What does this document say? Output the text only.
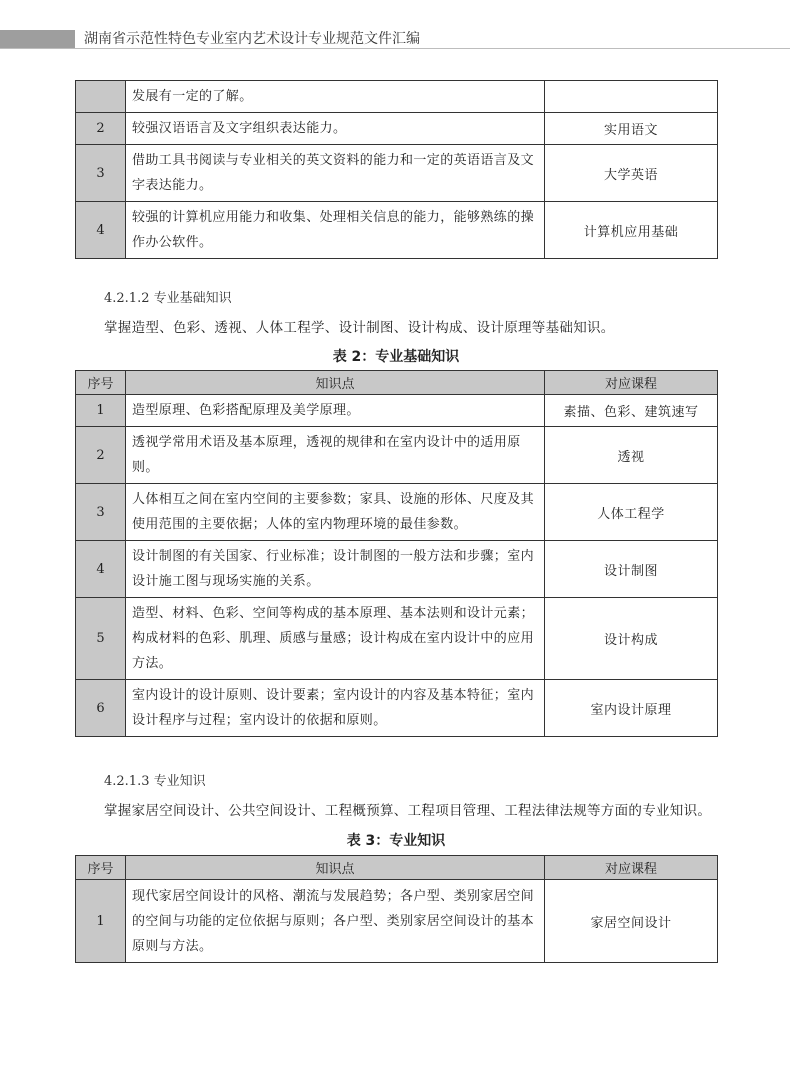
湖南省示范性特色专业室内艺术设计专业规范文件汇编
	发展有一定的了解。	
2	较强汉语语言及文字组织表达能力。	实用语文
3	借助工具书阅读与专业相关的英文资料的能力和一定的英语语言及文字表达能力。	大学英语
4	较强的计算机应用能力和收集、处理相关信息的能力，能够熟练的操作办公软件。	计算机应用基础
4.2.1.2 专业基础知识
掌握造型、色彩、透视、人体工程学、设计制图、设计构成、设计原理等基础知识。
表 2：专业基础知识
序号	知识点	对应课程
1	造型原理、色彩搭配原理及美学原理。	素描、色彩、建筑速写
2	透视学常用术语及基本原理，透视的规律和在室内设计中的适用原则。	透视
3	人体相互之间在室内空间的主要参数；家具、设施的形体、尺度及其使用范围的主要依据；人体的室内物理环境的最佳参数。	人体工程学
4	设计制图的有关国家、行业标准；设计制图的一般方法和步骤；室内设计施工图与现场实施的关系。	设计制图
5	造型、材料、色彩、空间等构成的基本原理、基本法则和设计元素；构成材料的色彩、肌理、质感与量感；设计构成在室内设计中的应用方法。	设计构成
6	室内设计的设计原则、设计要素；室内设计的内容及基本特征；室内设计程序与过程；室内设计的依据和原则。	室内设计原理
4.2.1.3 专业知识
掌握家居空间设计、公共空间设计、工程概预算、工程项目管理、工程法律法规等方面的专业知识。
表 3：专业知识
序号	知识点	对应课程
1	现代家居空间设计的风格、潮流与发展趋势；各户型、类别家居空间的空间与功能的定位依据与原则；各户型、类别家居空间设计的基本原则与方法。	家居空间设计
